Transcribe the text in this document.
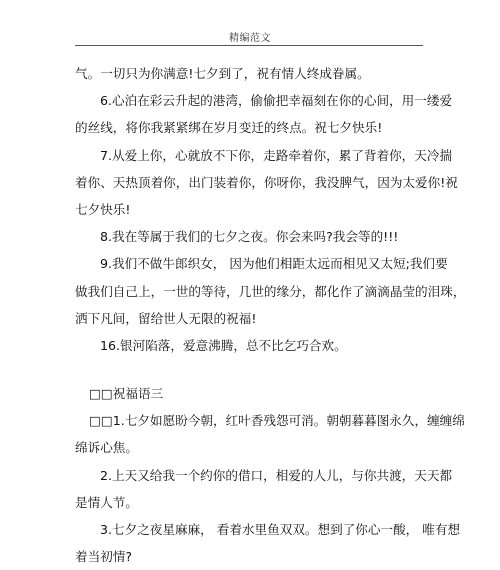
精编范文
气。一切只为你满意!七夕到了，祝有情人终成眷属。
6.心泊在彩云升起的港湾，偷偷把幸福刻在你的心间，用一缕爱
的丝线，将你我紧紧绑在岁月变迁的终点。祝七夕快乐!
7.从爱上你，心就放不下你，走路牵着你，累了背着你，天冷揣
着你、天热顶着你，出门装着你，你呀你，我没脾气，因为太爱你!祝
七夕快乐!
8.我在等属于我们的七夕之夜。你会来吗?我会等的!!!
9.我们不做牛郎织女， 因为他们相距太远而相见又太短;我们要
做我们自己上，一世的等待，几世的缘分，都化作了滴滴晶莹的泪珠，
洒下凡间，留给世人无限的祝福!
16.银河陷落，爱意沸腾，总不比乞巧合欢。
□□祝福语三
□□1.七夕如愿盼今朝，红叶香残怨可消。朝朝暮暮图永久，缠缠绵
绵诉心焦。
2.上天又给我一个约你的借口，相爱的人儿，与你共渡，天天都
是情人节。
3.七夕之夜星麻麻， 看着水里鱼双双。想到了你心一酸， 唯有想
着当初情?
